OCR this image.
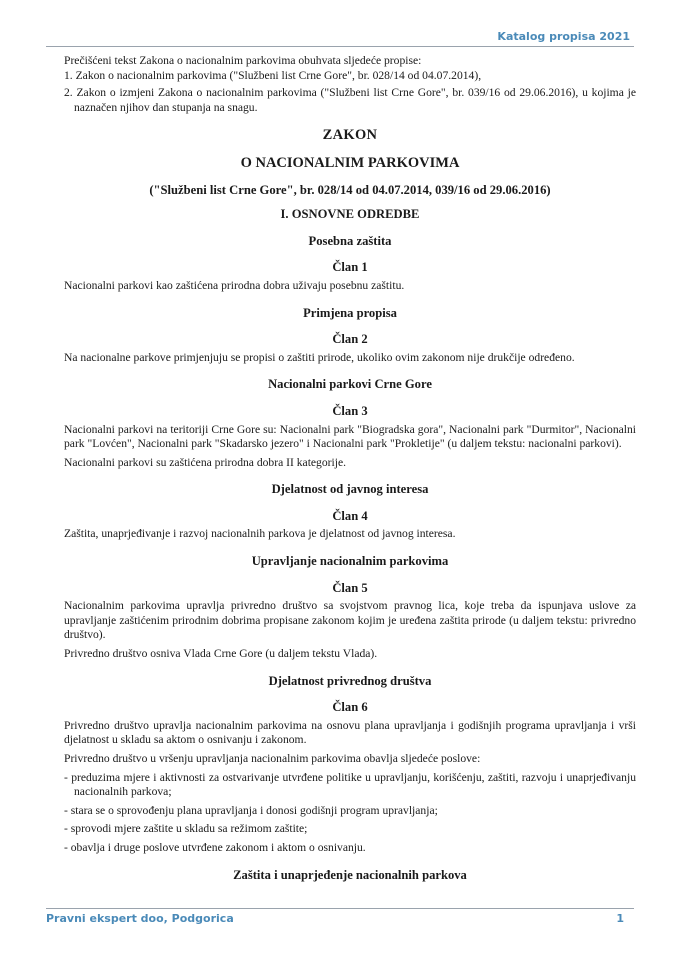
Katalog propisa 2021

Prečišćeni tekst Zakona o nacionalnim parkovima obuhvata sljedeće propise:

1. Zakon o nacionalnim parkovima ("Službeni list Crne Gore", br. 028/14 od 04.07.2014),

2. Zakon o izmjeni Zakona o nacionalnim parkovima ("Službeni list Crne Gore", br. 039/16 od 29.06.2016), u kojima je naznačen njihov dan stupanja na snagu.

ZAKON
O NACIONALNIM PARKOVIMA
("Službeni list Crne Gore", br. 028/14 od 04.07.2014, 039/16 od 29.06.2016)
I. OSNOVNE ODREDBE
Posebna zaštita
Član 1

Nacionalni parkovi kao zaštićena prirodna dobra uživaju posebnu zaštitu.

Primjena propisa
Član 2

Na nacionalne parkove primjenjuju se propisi o zaštiti prirode, ukoliko ovim zakonom nije drukčije određeno.

Nacionalni parkovi Crne Gore
Član 3

Nacionalni parkovi na teritoriji Crne Gore su: Nacionalni park "Biogradska gora", Nacionalni park "Durmitor", Nacionalni park "Lovćen", Nacionalni park "Skadarsko jezero" i Nacionalni park "Prokletije" (u daljem tekstu: nacionalni parkovi).

Nacionalni parkovi su zaštićena prirodna dobra II kategorije.

Djelatnost od javnog interesa
Član 4

Zaštita, unaprjeđivanje i razvoj nacionalnih parkova je djelatnost od javnog interesa.

Upravljanje nacionalnim parkovima
Član 5

Nacionalnim parkovima upravlja privredno društvo sa svojstvom pravnog lica, koje treba da ispunjava uslove za upravljanje zaštićenim prirodnim dobrima propisane zakonom kojim je uređena zaštita prirode (u daljem tekstu: privredno društvo).

Privredno društvo osniva Vlada Crne Gore (u daljem tekstu Vlada).

Djelatnost privrednog društva
Član 6

Privredno društvo upravlja nacionalnim parkovima na osnovu plana upravljanja i godišnjih programa upravljanja i vrši djelatnost u skladu sa aktom o osnivanju i zakonom.

Privredno društvo u vršenju upravljanja nacionalnim parkovima obavlja sljedeće poslove:

- preduzima mjere i aktivnosti za ostvarivanje utvrđene politike u upravljanju, korišćenju, zaštiti, razvoju i unaprjeđivanju nacionalnih parkova;

- stara se o sprovođenju plana upravljanja i donosi godišnji program upravljanja;

- sprovodi mjere zaštite u skladu sa režimom zaštite;

- obavlja i druge poslove utvrđene zakonom i aktom o osnivanju.

Zaštita i unaprjeđenje nacionalnih parkova
Pravni ekspert doo, Podgorica	1
